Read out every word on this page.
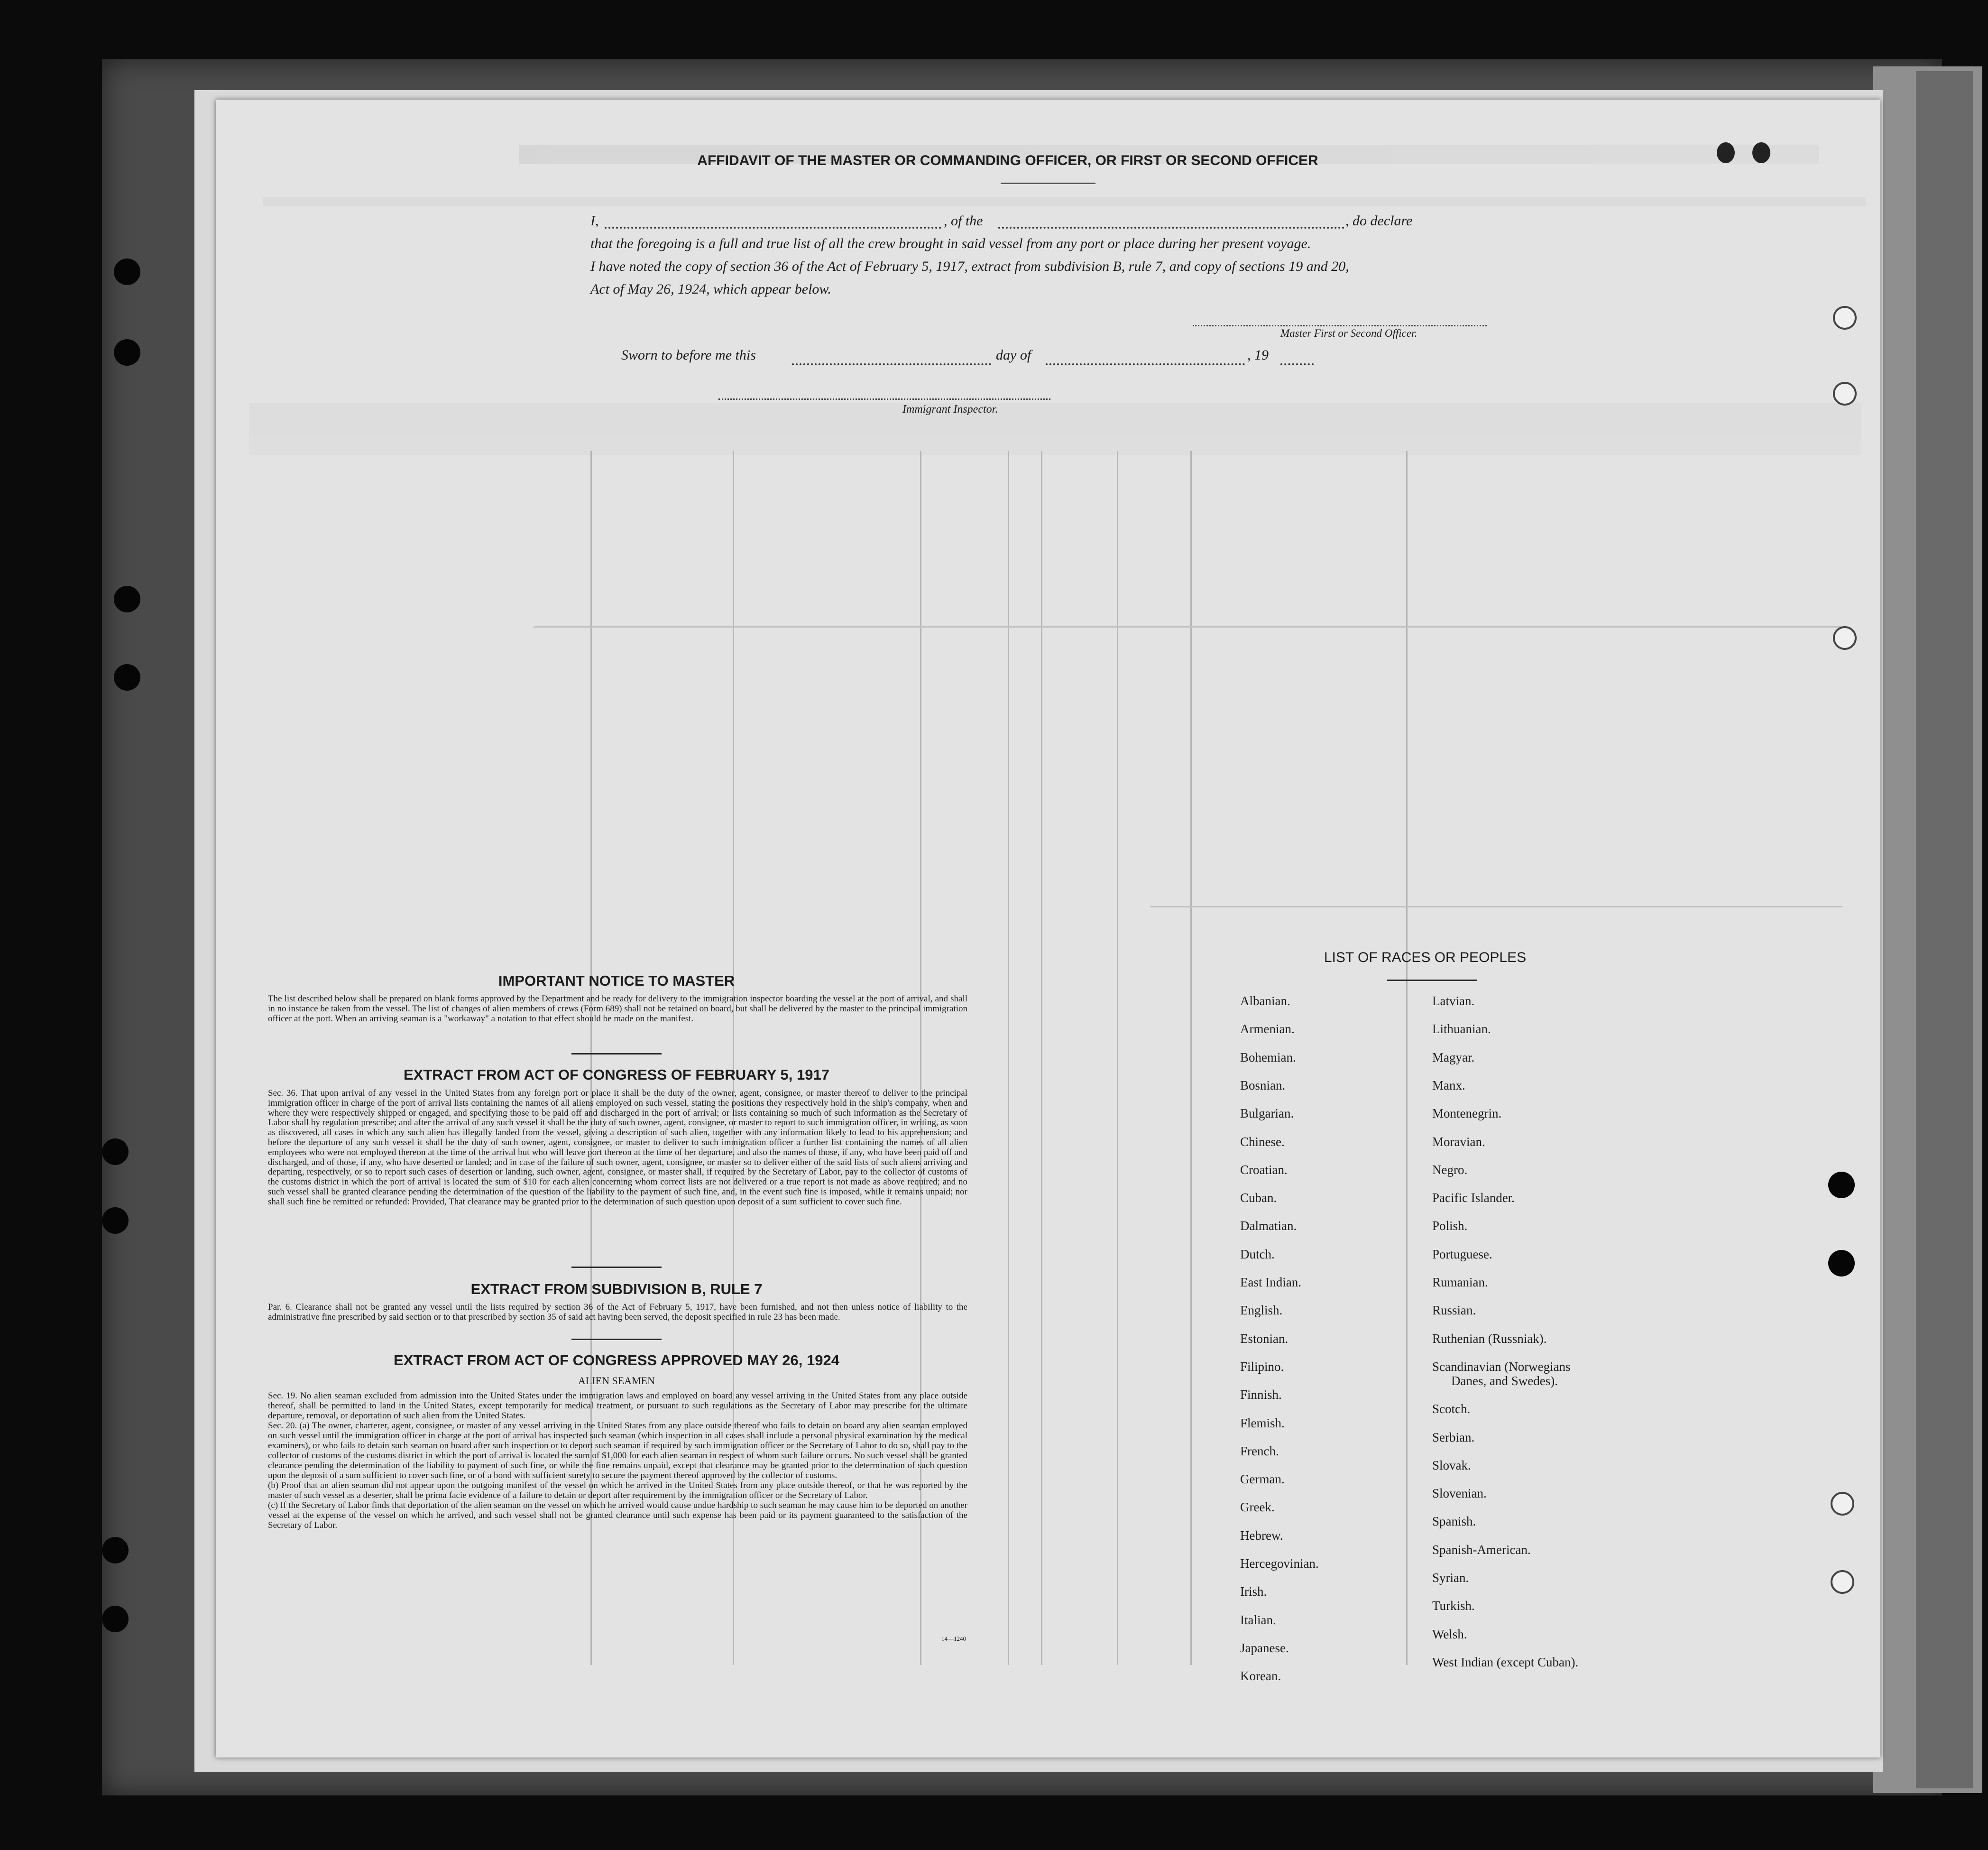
AFFIDAVIT OF THE MASTER OR COMMANDING OFFICER, OR FIRST OR SECOND OFFICER
I,	, of the	, do declare
that the foregoing is a full and true list of all the crew brought in said vessel from any port or place during her present voyage.
I have noted the copy of section 36 of the Act of February 5, 1917, extract from subdivision B, rule 7, and copy of sections 19 and 20,
Act of May 26, 1924, which appear below.
Master First or Second Officer.
Sworn to before me this	day of	, 19
Immigrant Inspector.
IMPORTANT NOTICE TO MASTER
The list described below shall be prepared on blank forms approved by the Department and be ready for delivery to the immigration inspector boarding the vessel at the port of arrival, and shall in no instance be taken from the vessel. The list of changes of alien members of crews (Form 689) shall not be retained on board, but shall be delivered by the master to the principal immigration officer at the port. When an arriving seaman is a "workaway" a notation to that effect should be made on the manifest.
EXTRACT FROM ACT OF CONGRESS OF FEBRUARY 5, 1917
Sec. 36. That upon arrival of any vessel in the United States from any foreign port or place it shall be the duty of the owner, agent, consignee, or master thereof to deliver to the principal immigration officer in charge of the port of arrival lists containing the names of all aliens employed on such vessel, stating the positions they respectively hold in the ship's company, when and where they were respectively shipped or engaged, and specifying those to be paid off and discharged in the port of arrival; or lists containing so much of such information as the Secretary of Labor shall by regulation prescribe; and after the arrival of any such vessel it shall be the duty of such owner, agent, consignee, or master to report to such immigration officer, in writing, as soon as discovered, all cases in which any such alien has illegally landed from the vessel, giving a description of such alien, together with any information likely to lead to his apprehension; and before the departure of any such vessel it shall be the duty of such owner, agent, consignee, or master to deliver to such immigration officer a further list containing the names of all alien employees who were not employed thereon at the time of the arrival but who will leave port thereon at the time of her departure, and also the names of those, if any, who have been paid off and discharged, and of those, if any, who have deserted or landed; and in case of the failure of such owner, agent, consignee, or master so to deliver either of the said lists of such aliens arriving and departing, respectively, or so to report such cases of desertion or landing, such owner, agent, consignee, or master shall, if required by the Secretary of Labor, pay to the collector of customs of the customs district in which the port of arrival is located the sum of $10 for each alien concerning whom correct lists are not delivered or a true report is not made as above required; and no such vessel shall be granted clearance pending the determination of the question of the liability to the payment of such fine, and, in the event such fine is imposed, while it remains unpaid; nor shall such fine be remitted or refunded: Provided, That clearance may be granted prior to the determination of such question upon deposit of a sum sufficient to cover such fine.
EXTRACT FROM SUBDIVISION B, RULE 7
Par. 6. Clearance shall not be granted any vessel until the lists required by section 36 of the Act of February 5, 1917, have been furnished, and not then unless notice of liability to the administrative fine prescribed by said section or to that prescribed by section 35 of said act having been served, the deposit specified in rule 23 has been made.
EXTRACT FROM ACT OF CONGRESS APPROVED MAY 26, 1924
ALIEN SEAMEN
Sec. 19. No alien seaman excluded from admission into the United States under the immigration laws and employed on board any vessel arriving in the United States from any place outside thereof, shall be permitted to land in the United States, except temporarily for medical treatment, or pursuant to such regulations as the Secretary of Labor may prescribe for the ultimate departure, removal, or deportation of such alien from the United States.
Sec. 20. (a) The owner, charterer, agent, consignee, or master of any vessel arriving in the United States from any place outside thereof who fails to detain on board any alien seaman employed on such vessel until the immigration officer in charge at the port of arrival has inspected such seaman (which inspection in all cases shall include a personal physical examination by the medical examiners), or who fails to detain such seaman on board after such inspection or to deport such seaman if required by such immigration officer or the Secretary of Labor to do so, shall pay to the collector of customs of the customs district in which the port of arrival is located the sum of $1,000 for each alien seaman in respect of whom such failure occurs. No such vessel shall be granted clearance pending the determination of the liability to payment of such fine, or while the fine remains unpaid, except that clearance may be granted prior to the determination of such question upon the deposit of a sum sufficient to cover such fine, or of a bond with sufficient surety to secure the payment thereof approved by the collector of customs.
(b) Proof that an alien seaman did not appear upon the outgoing manifest of the vessel on which he arrived in the United States from any place outside thereof, or that he was reported by the master of such vessel as a deserter, shall be prima facie evidence of a failure to detain or deport after requirement by the immigration officer or the Secretary of Labor.
(c) If the Secretary of Labor finds that deportation of the alien seaman on the vessel on which he arrived would cause undue hardship to such seaman he may cause him to be deported on another vessel at the expense of the vessel on which he arrived, and such vessel shall not be granted clearance until such expense has been paid or its payment guaranteed to the satisfaction of the Secretary of Labor.
14—1240
LIST OF RACES OR PEOPLES
Albanian.
Armenian.
Bohemian.
Bosnian.
Bulgarian.
Chinese.
Croatian.
Cuban.
Dalmatian.
Dutch.
East Indian.
English.
Estonian.
Filipino.
Finnish.
Flemish.
French.
German.
Greek.
Hebrew.
Hercegovinian.
Irish.
Italian.
Japanese.
Korean.
Latvian.
Lithuanian.
Magyar.
Manx.
Montenegrin.
Moravian.
Negro.
Pacific Islander.
Polish.
Portuguese.
Rumanian.
Russian.
Ruthenian (Russniak).
Scandinavian (Norwegians
Danes, and Swedes).
Scotch.
Serbian.
Slovak.
Slovenian.
Spanish.
Spanish-American.
Syrian.
Turkish.
Welsh.
West Indian (except Cuban).
